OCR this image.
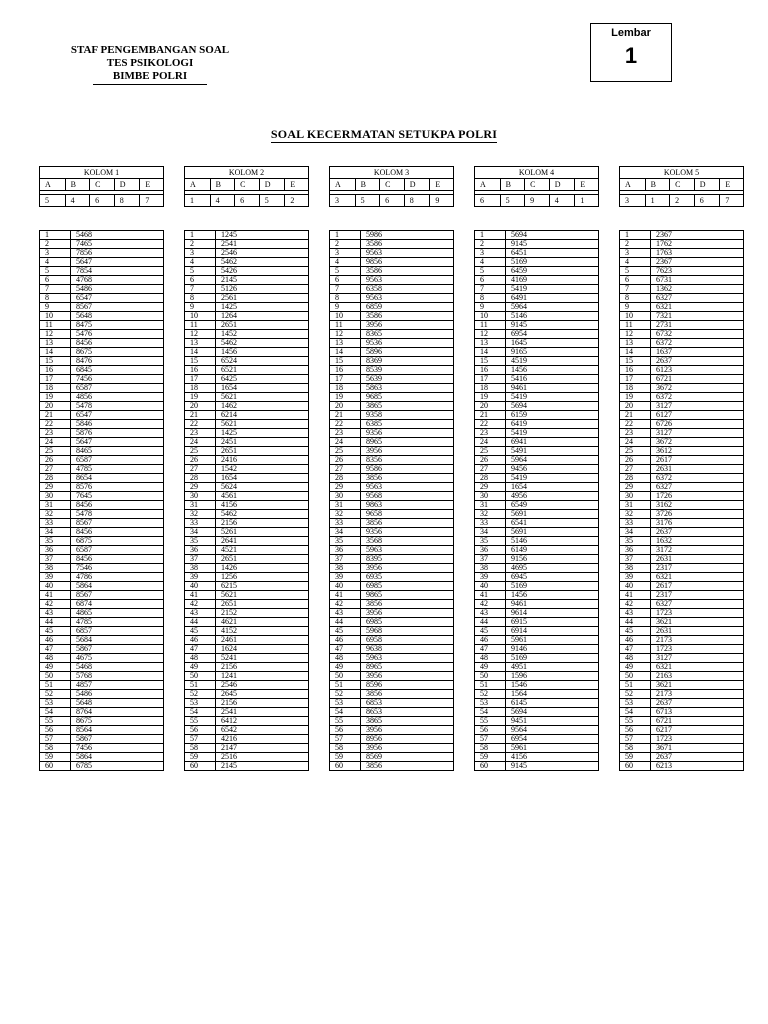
STAF PENGEMBANGAN SOAL
TES PSIKOLOGI
BIMBE POLRI
Lembar
1
SOAL KECERMATAN SETUKPA POLRI
KOLOM 1				
A	B	C	D	E

5	4	6	8	7
1	5468
2	7465
3	7856
4	5647
5	7854
6	4768
7	5486
8	6547
9	8567
10	5648
11	8475
12	5476
13	8456
14	8675
15	8476
16	6845
17	7456
18	6587
19	4856
20	5478
21	6547
22	5846
23	5876
24	5647
25	8465
26	6587
27	4785
28	8654
29	8576
30	7645
31	8456
32	5478
33	8567
34	8456
35	6875
36	6587
37	8456
38	7546
39	4786
40	5864
41	8567
42	6874
43	4865
44	4785
45	6857
46	5684
47	5867
48	4675
49	5468
50	5768
51	4857
52	5486
53	5648
54	8764
55	8675
56	8564
57	5867
58	7456
59	5864
60	6785
KOLOM 2				
A	B	C	D	E

1	4	6	5	2
1	1245
2	2541
3	2546
4	5462
5	5426
6	2145
7	5126
8	2561
9	1425
10	1264
11	2651
12	1452
13	5462
14	1456
15	6524
16	6521
17	6425
18	1654
19	5621
20	1462
21	6214
22	5621
23	1425
24	2451
25	2651
26	2416
27	1542
28	1654
29	5624
30	4561
31	4156
32	5462
33	2156
34	5261
35	2641
36	4521
37	2651
38	1426
39	1256
40	6215
41	5621
42	2651
43	2152
44	4621
45	4152
46	2461
47	1624
48	5241
49	2156
50	1241
51	2546
52	2645
53	2156
54	2541
55	6412
56	6542
57	4216
58	2147
59	2516
60	2145
KOLOM 3				
A	B	C	D	E

3	5	6	8	9
1	5986
2	3586
3	9563
4	9856
5	3586
6	9563
7	6358
8	9563
9	6859
10	3586
11	3956
12	8365
13	9536
14	5896
15	8369
16	8539
17	5639
18	5863
19	9685
20	3865
21	9358
22	6385
23	9356
24	8965
25	3956
26	8356
27	9586
28	3856
29	9563
30	9568
31	9863
32	9658
33	3856
34	9356
35	3568
36	5963
37	8395
38	3956
39	6935
40	6985
41	9865
42	3856
43	3956
44	6985
45	5968
46	6958
47	9638
48	5963
49	8965
50	3956
51	8596
52	3856
53	6853
54	8653
55	3865
56	3956
57	8956
58	3956
59	8569
60	3856
KOLOM 4				
A	B	C	D	E

6	5	9	4	1
1	5694
2	9145
3	6451
4	5169
5	6459
6	4169
7	5419
8	6491
9	5964
10	5146
11	9145
12	6954
13	1645
14	9165
15	4519
16	1456
17	5416
18	9461
19	5419
20	5694
21	6159
22	6419
23	5419
24	6941
25	5491
26	5964
27	9456
28	5419
29	1654
30	4956
31	6549
32	5691
33	6541
34	5691
35	5146
36	6149
37	9156
38	4695
39	6945
40	5169
41	1456
42	9461
43	9614
44	6915
45	6914
46	5961
47	9146
48	5169
49	4951
50	1596
51	1546
52	1564
53	6145
54	5694
55	9451
56	9564
57	6954
58	5961
59	4156
60	9145
KOLOM 5				
A	B	C	D	E

3	1	2	6	7
1	2367
2	1762
3	1763
4	2367
5	7623
6	6731
7	1362
8	6327
9	6321
10	7321
11	2731
12	6732
13	6372
14	1637
15	2637
16	6123
17	6721
18	3672
19	6372
20	3127
21	6127
22	6726
23	3127
24	3672
25	3612
26	2617
27	2631
28	6372
29	6327
30	1726
31	3162
32	3726
33	3176
34	2637
35	1632
36	3172
37	2631
38	2317
39	6321
40	2617
41	2317
42	6327
43	1723
44	3621
45	2631
46	2173
47	1723
48	3127
49	6321
50	2163
51	3621
52	2173
53	2637
54	6713
55	6721
56	6217
57	1723
58	3671
59	2637
60	6213
